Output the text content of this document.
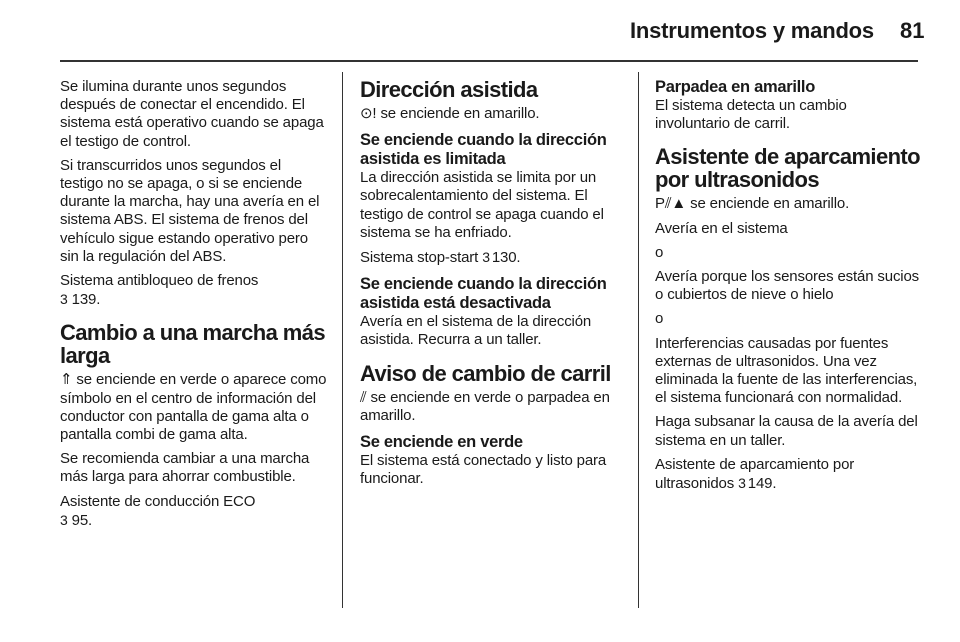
Instrumentos y mandos 81

Se ilumina durante unos segundos después de conectar el encendido. El sistema está operativo cuando se apaga el testigo de control.

Si transcurridos unos segundos el testigo no se apaga, o si se enciende durante la marcha, hay una avería en el sistema ABS. El sistema de frenos del vehículo sigue estando operativo pero sin la regulación del ABS.

Sistema antibloqueo de frenos
3 139.

Cambio a una marcha más larga

⇑ se enciende en verde o aparece como símbolo en el centro de información del conductor con pantalla de gama alta o pantalla combi de gama alta.

Se recomienda cambiar a una marcha más larga para ahorrar combustible.

Asistente de conducción ECO
3 95.

Dirección asistida

⊙! se enciende en amarillo.

Se enciende cuando la dirección asistida es limitada

La dirección asistida se limita por un sobrecalentamiento del sistema. El testigo de control se apaga cuando el sistema se ha enfriado.

Sistema stop-start 3 130.

Se enciende cuando la dirección asistida está desactivada

Avería en el sistema de la dirección asistida. Recurra a un taller.

Aviso de cambio de carril

⫽ se enciende en verde o parpadea en amarillo.

Se enciende en verde

El sistema está conectado y listo para funcionar.

Parpadea en amarillo

El sistema detecta un cambio involuntario de carril.

Asistente de aparcamiento por ultrasonidos

P⫽▲ se enciende en amarillo.

Avería en el sistema

o

Avería porque los sensores están sucios o cubiertos de nieve o hielo

o

Interferencias causadas por fuentes externas de ultrasonidos. Una vez eliminada la fuente de las interferencias, el sistema funcionará con normalidad.

Haga subsanar la causa de la avería del sistema en un taller.

Asistente de aparcamiento por ultrasonidos 3 149.
